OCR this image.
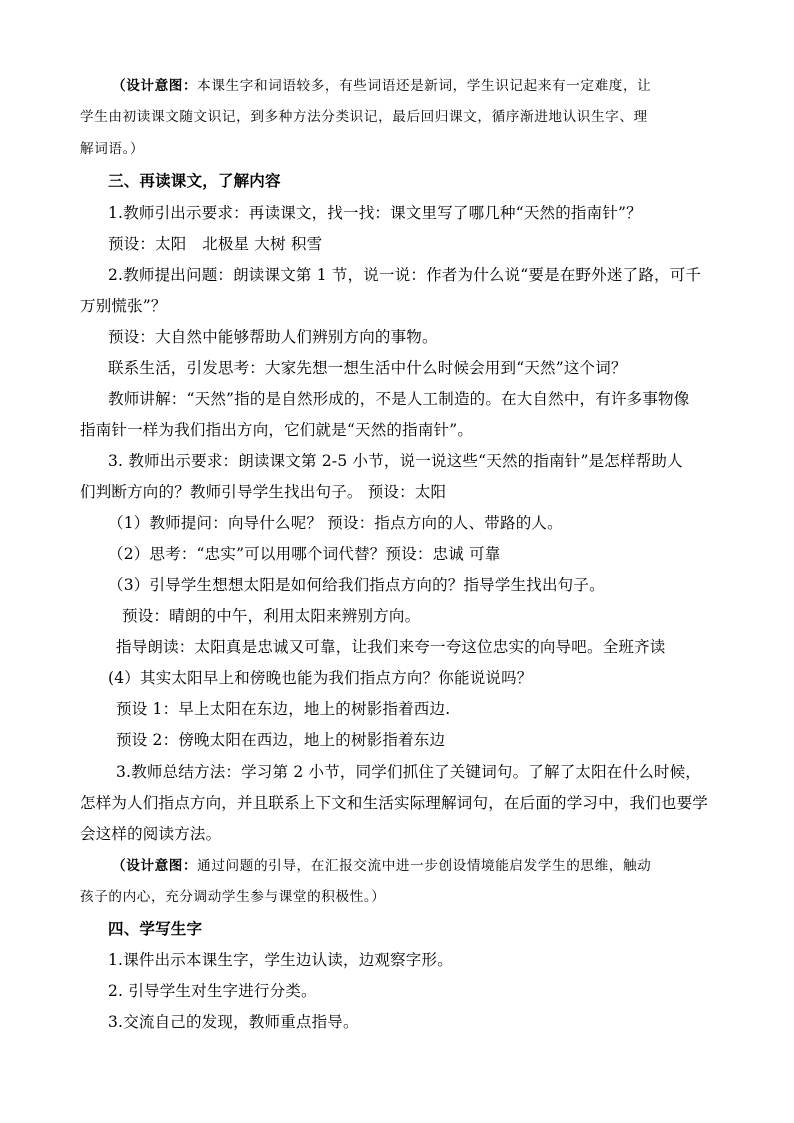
（设计意图：本课生字和词语较多，有些词语还是新词，学生识记起来有一定难度，让
学生由初读课文随文识记，到多种方法分类识记，最后回归课文，循序渐进地认识生字、理
解词语。）
三、再读课文，了解内容
1.教师引出示要求：再读课文，找一找：课文里写了哪几种“天然的指南针”？
预设：太阳　北极星 大树 积雪
2.教师提出问题：朗读课文第 1 节，说一说：作者为什么说“要是在野外迷了路，可千
万别慌张”？
预设：大自然中能够帮助人们辨别方向的事物。
联系生活，引发思考：大家先想一想生活中什么时候会用到“天然”这个词？
教师讲解：“天然”指的是自然形成的，不是人工制造的。在大自然中，有许多事物像
指南针一样为我们指出方向，它们就是“天然的指南针”。
3. 教师出示要求：朗读课文第 2-5 小节，说一说这些“天然的指南针”是怎样帮助人
们判断方向的？教师引导学生找出句子。 预设：太阳
（1）教师提问：向导什么呢？ 预设：指点方向的人、带路的人。
（2）思考：“忠实”可以用哪个词代替？预设：忠诚 可靠
（3）引导学生想想太阳是如何给我们指点方向的？指导学生找出句子。
预设：晴朗的中午，利用太阳来辨别方向。
指导朗读：太阳真是忠诚又可靠，让我们来夸一夸这位忠实的向导吧。全班齐读
(4）其实太阳早上和傍晚也能为我们指点方向？你能说说吗？
预设 1：早上太阳在东边，地上的树影指着西边.
预设 2：傍晚太阳在西边，地上的树影指着东边
3.教师总结方法：学习第 2 小节，同学们抓住了关键词句。了解了太阳在什么时候，
怎样为人们指点方向，并且联系上下文和生活实际理解词句，在后面的学习中，我们也要学
会这样的阅读方法。
（设计意图：通过问题的引导，在汇报交流中进一步创设情境能启发学生的思维，触动
孩子的内心，充分调动学生参与课堂的积极性。）
四、学写生字
1.课件出示本课生字，学生边认读，边观察字形。
2. 引导学生对生字进行分类。
3.交流自己的发现，教师重点指导。
